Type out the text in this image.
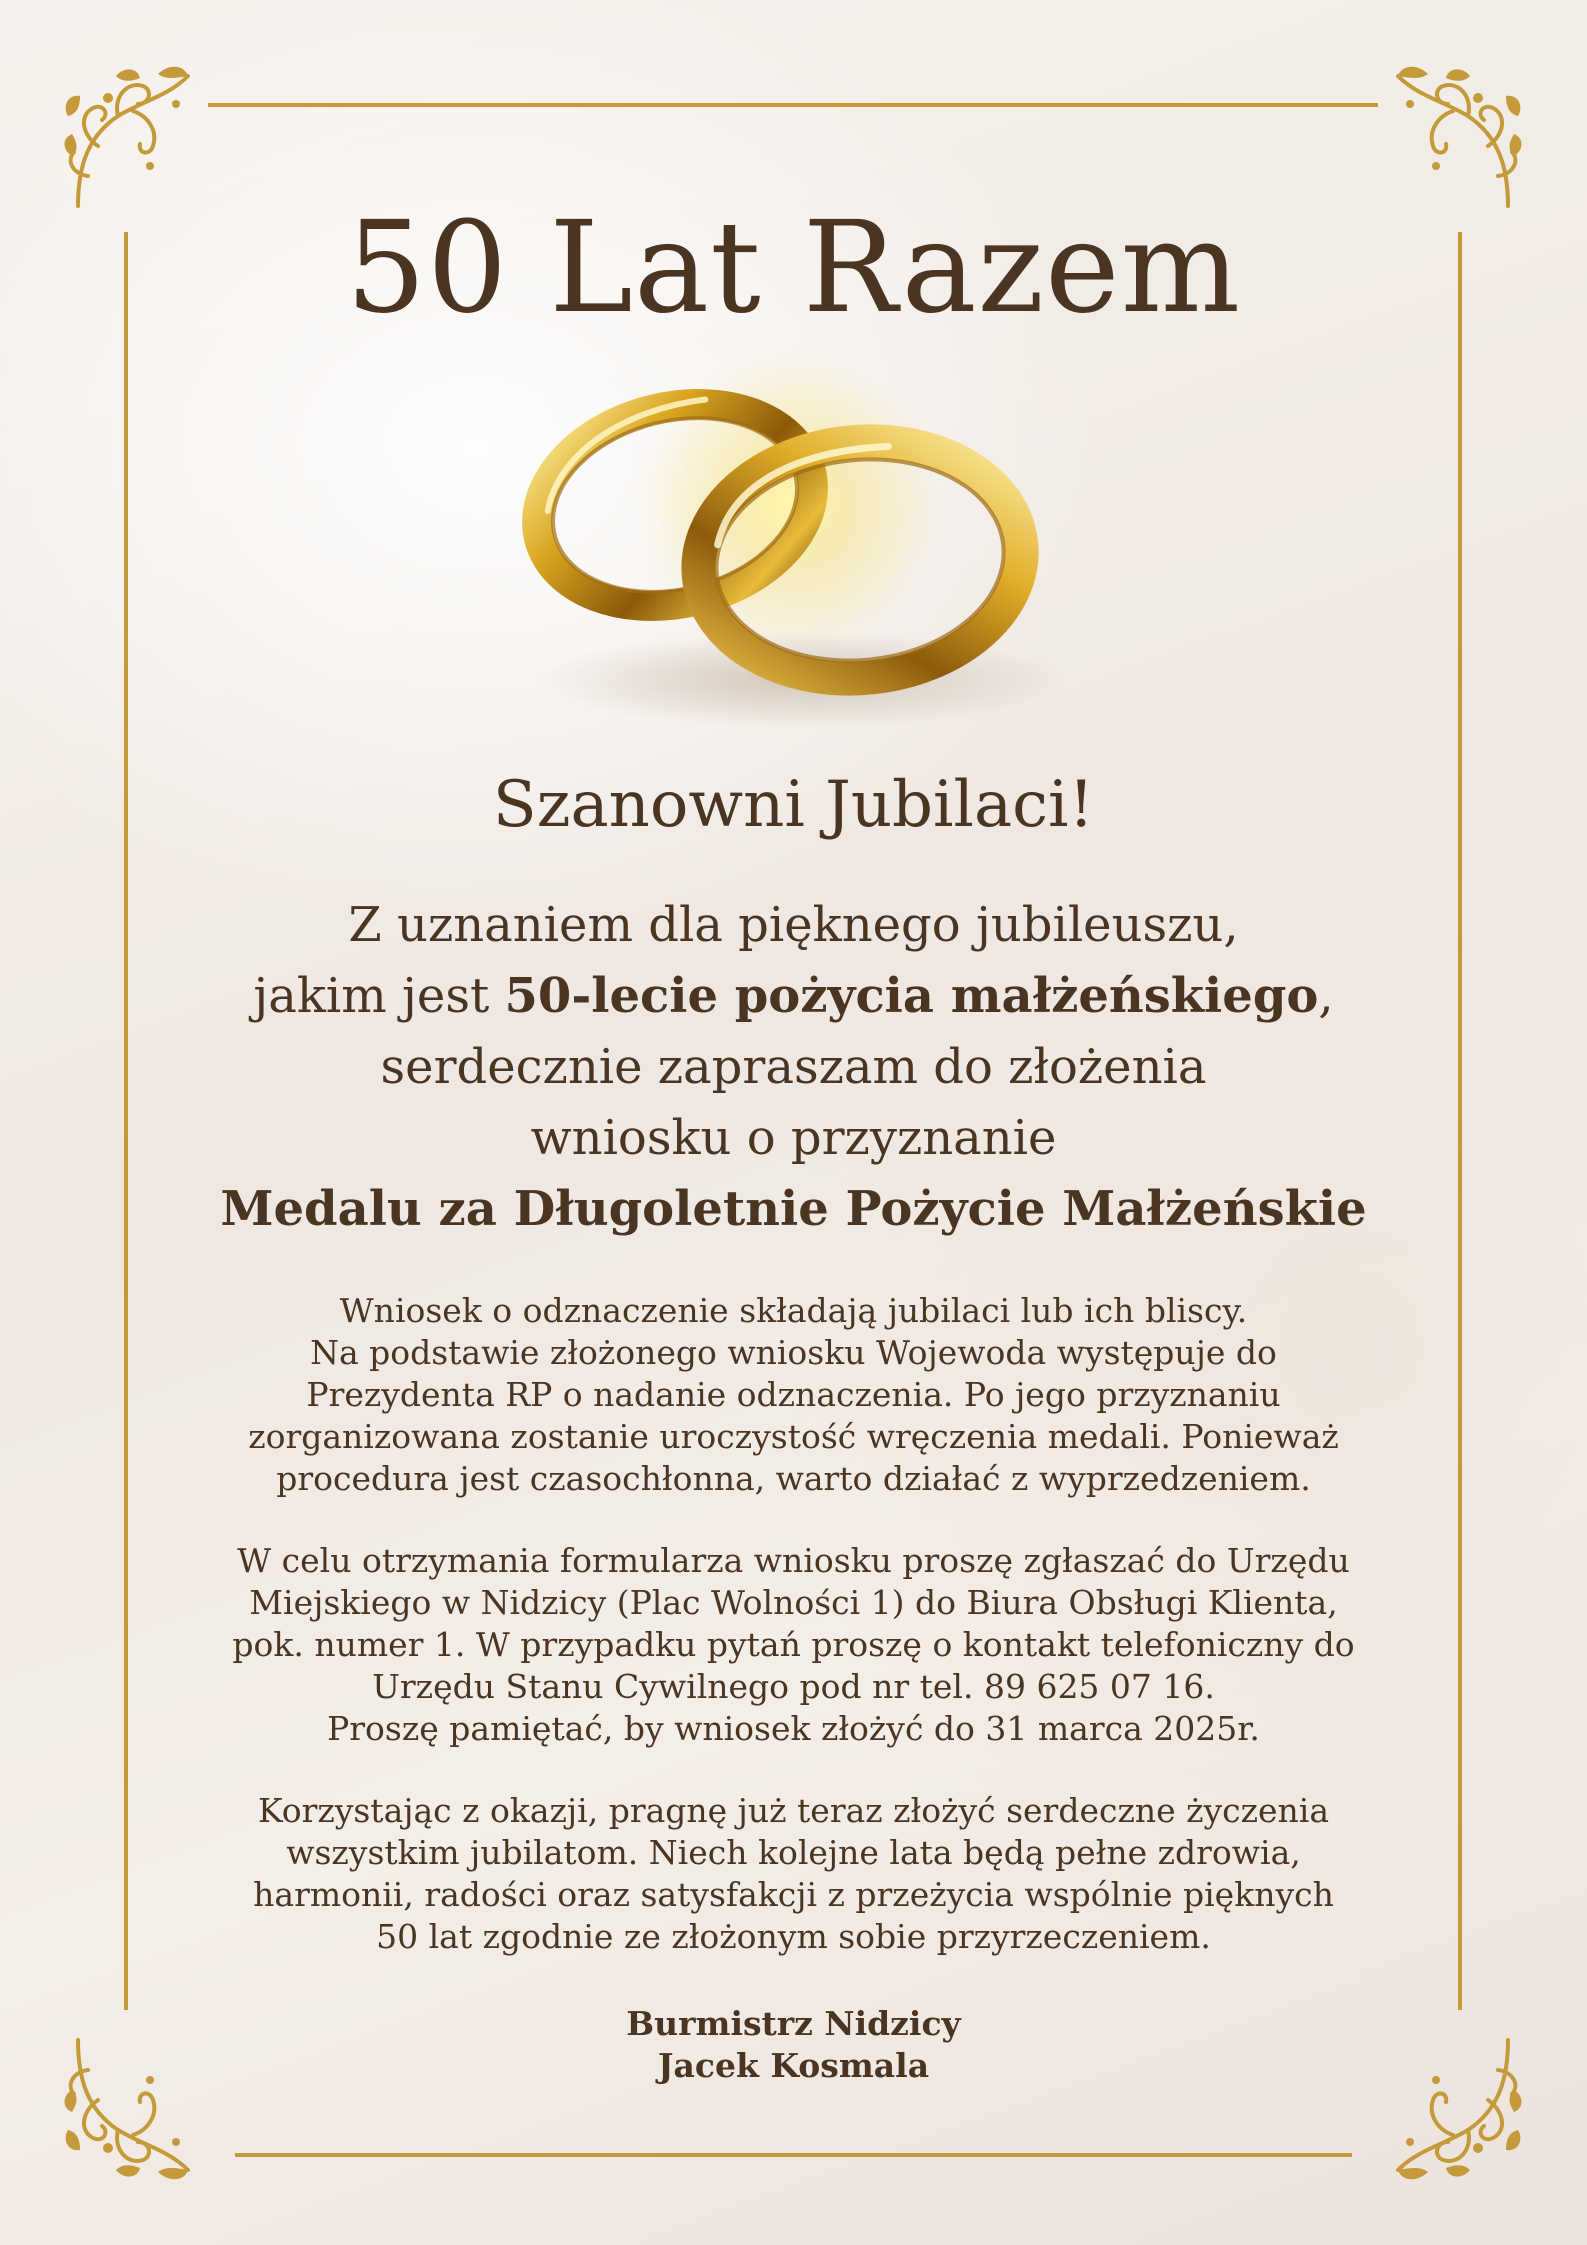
50 Lat Razem
Szanowni Jubilaci!
Z uznaniem dla pięknego jubileuszu,
jakim jest 50-lecie pożycia małżeńskiego,
serdecznie zapraszam do złożenia
wniosku o przyznanie
Medalu za Długoletnie Pożycie Małżeńskie
Wniosek o odznaczenie składają jubilaci lub ich bliscy.
Na podstawie złożonego wniosku Wojewoda występuje do
Prezydenta RP o nadanie odznaczenia. Po jego przyznaniu
zorganizowana zostanie uroczystość wręczenia medali. Ponieważ
procedura jest czasochłonna, warto działać z wyprzedzeniem.
W celu otrzymania formularza wniosku proszę zgłaszać do Urzędu
Miejskiego w Nidzicy (Plac Wolności 1) do Biura Obsługi Klienta,
pok. numer 1. W przypadku pytań proszę o kontakt telefoniczny do
Urzędu Stanu Cywilnego pod nr tel. 89 625 07 16.
Proszę pamiętać, by wniosek złożyć do 31 marca 2025r.
Korzystając z okazji, pragnę już teraz złożyć serdeczne życzenia
wszystkim jubilatom. Niech kolejne lata będą pełne zdrowia,
harmonii, radości oraz satysfakcji z przeżycia wspólnie pięknych
50 lat zgodnie ze złożonym sobie przyrzeczeniem.
Burmistrz Nidzicy
Jacek Kosmala
